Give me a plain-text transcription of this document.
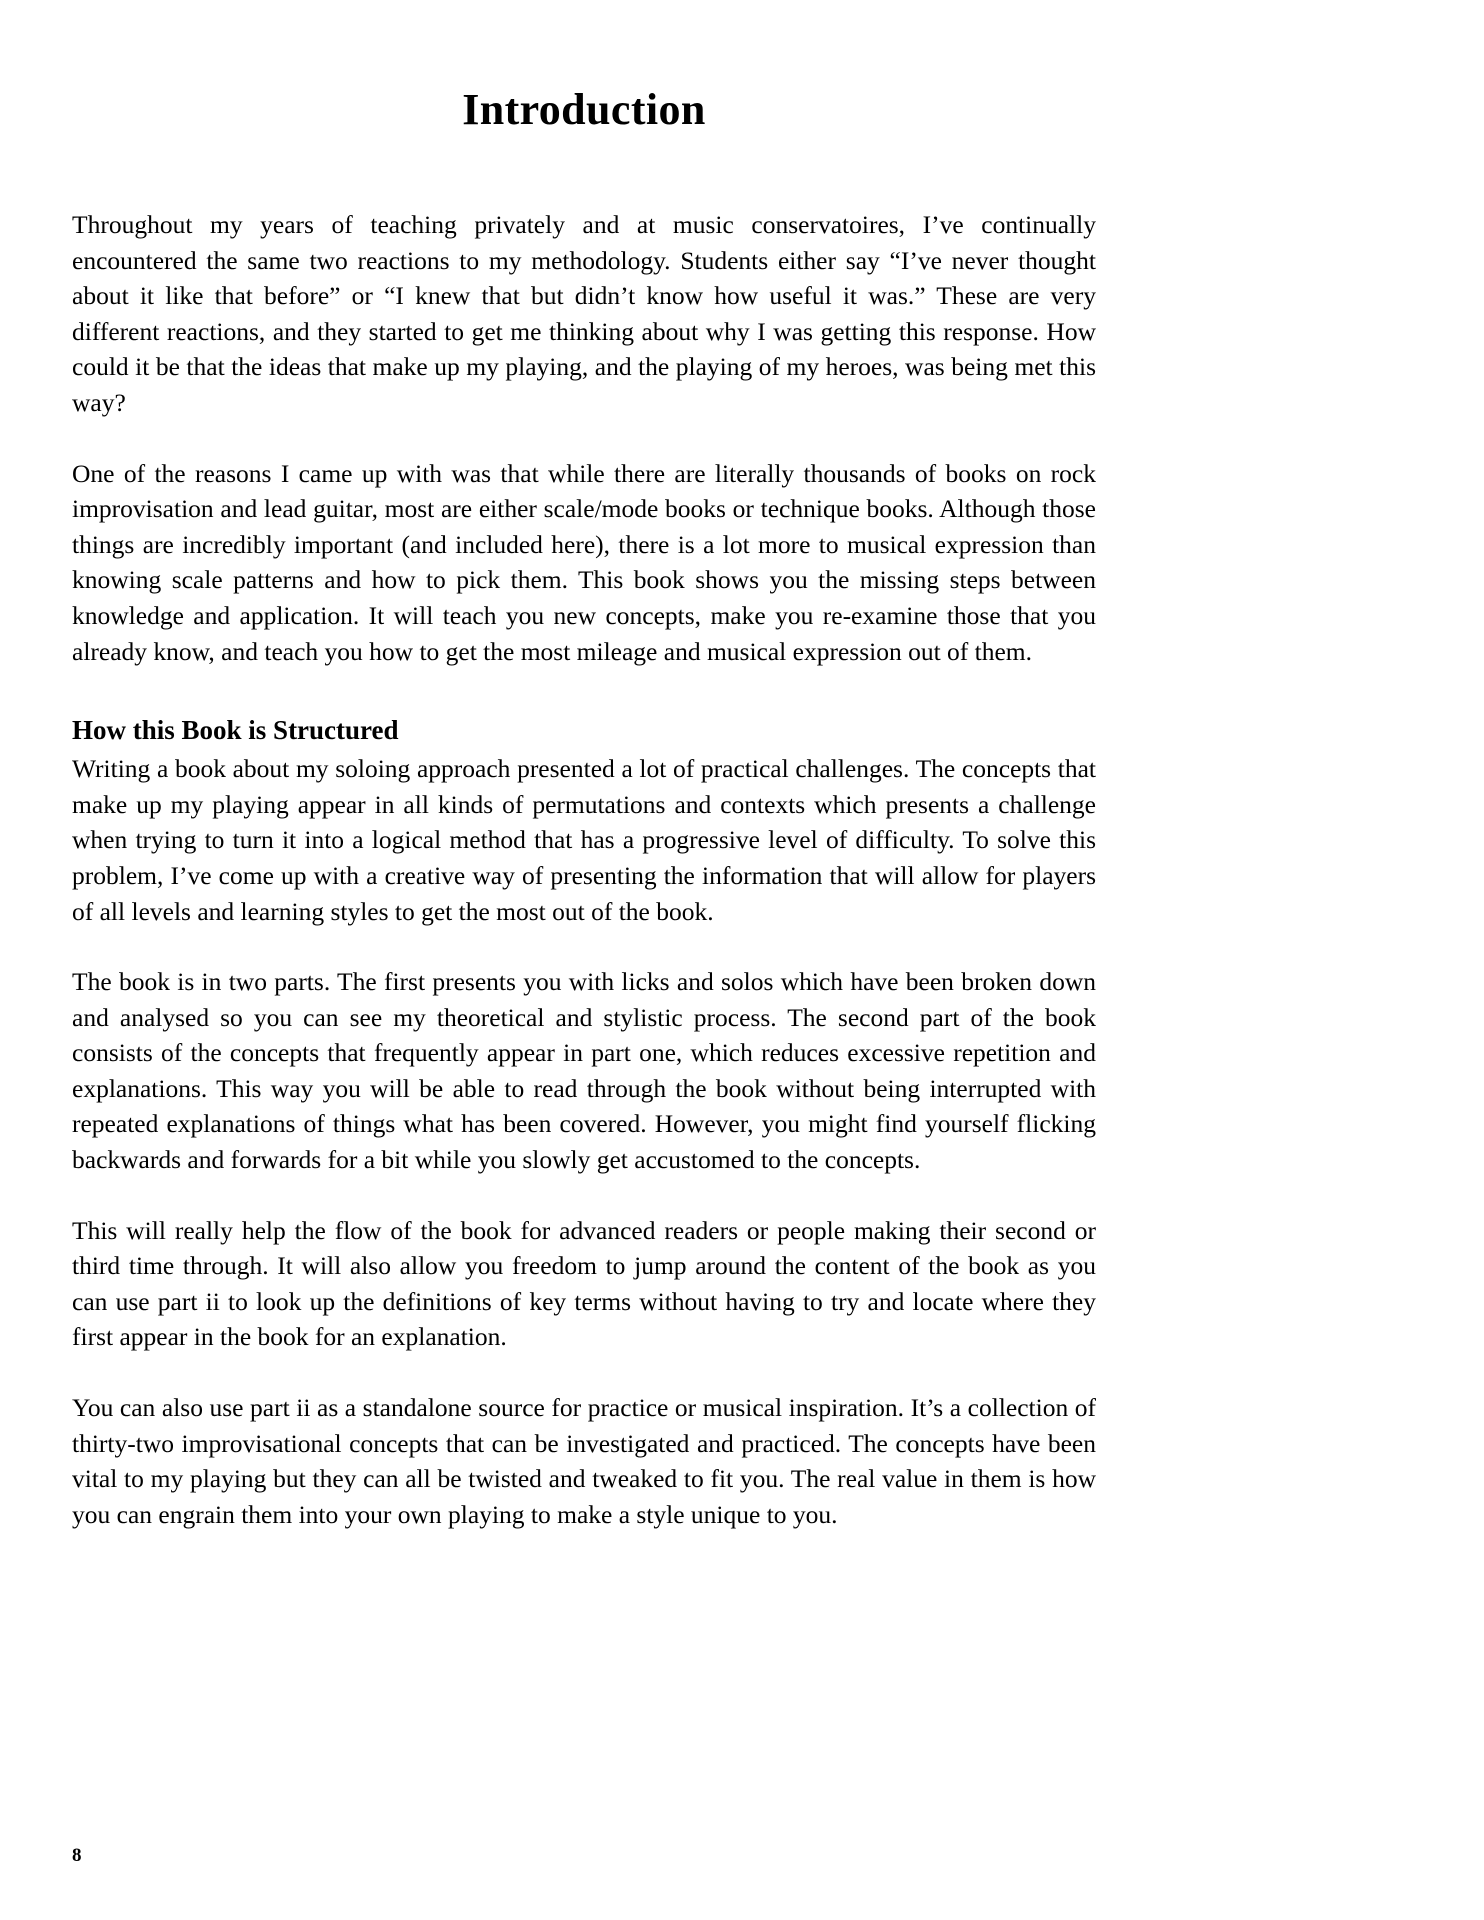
Introduction

Throughout my years of teaching privately and at music conservatoires, I’ve continually encountered the same two reactions to my methodology. Students either say “I’ve never thought about it like that before” or “I knew that but didn’t know how useful it was.” These are very different reactions, and they started to get me thinking about why I was getting this response. How could it be that the ideas that make up my playing, and the playing of my heroes, was being met this way?

One of the reasons I came up with was that while there are literally thousands of books on rock improvisation and lead guitar, most are either scale/mode books or technique books. Although those things are incredibly important (and included here), there is a lot more to musical expression than knowing scale patterns and how to pick them. This book shows you the missing steps between knowledge and application. It will teach you new concepts, make you re-examine those that you already know, and teach you how to get the most mileage and musical expression out of them.

How this Book is Structured

Writing a book about my soloing approach presented a lot of practical challenges. The concepts that make up my playing appear in all kinds of permutations and contexts which presents a challenge when trying to turn it into a logical method that has a progressive level of difficulty. To solve this problem, I’ve come up with a creative way of presenting the information that will allow for players of all levels and learning styles to get the most out of the book.

The book is in two parts. The first presents you with licks and solos which have been broken down and analysed so you can see my theoretical and stylistic process. The second part of the book consists of the concepts that frequently appear in part one, which reduces excessive repetition and explanations. This way you will be able to read through the book without being interrupted with repeated explanations of things what has been covered. However, you might find yourself flicking backwards and forwards for a bit while you slowly get accustomed to the concepts.

This will really help the flow of the book for advanced readers or people making their second or third time through. It will also allow you freedom to jump around the content of the book as you can use part ii to look up the definitions of key terms without having to try and locate where they first appear in the book for an explanation.

You can also use part ii as a standalone source for practice or musical inspiration. It’s a collection of thirty-two improvisational concepts that can be investigated and practiced. The concepts have been vital to my playing but they can all be twisted and tweaked to fit you. The real value in them is how you can engrain them into your own playing to make a style unique to you.

8
